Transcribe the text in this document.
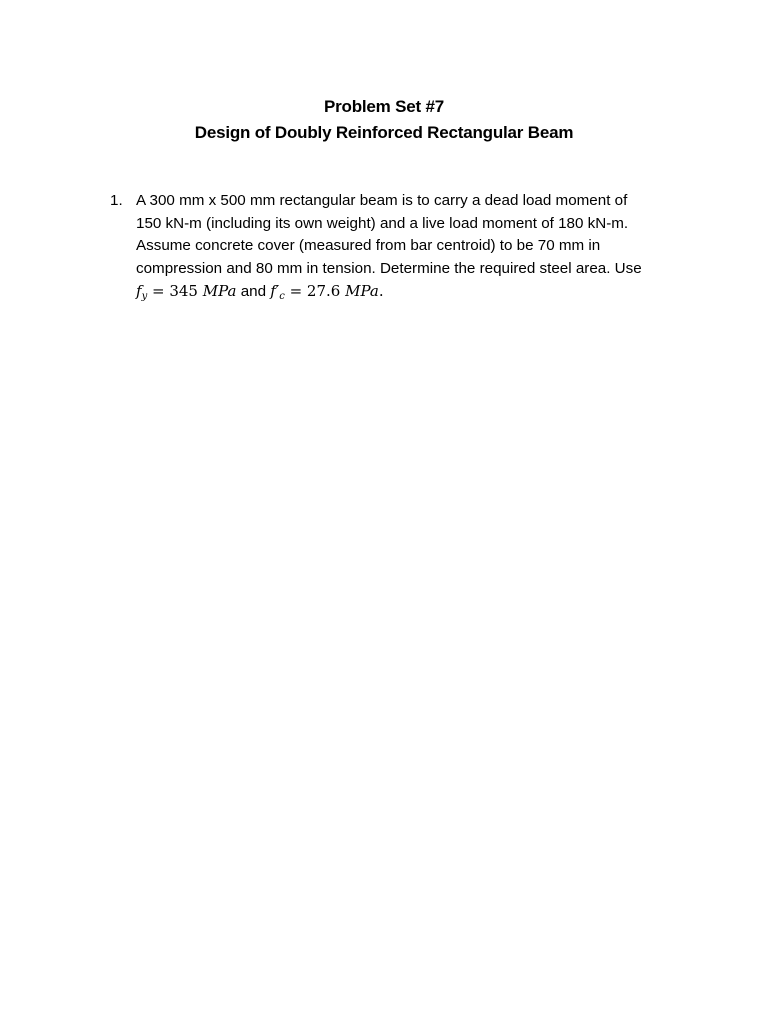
Problem Set #7
Design of Doubly Reinforced Rectangular Beam
1. A 300 mm x 500 mm rectangular beam is to carry a dead load moment of
150 kN-m (including its own weight) and a live load moment of 180 kN-m.
Assume concrete cover (measured from bar centroid) to be 70 mm in
compression and 80 mm in tension. Determine the required steel area. Use
$f_y = 345$ MPa and $f'_c = 27.6$ MPa.
